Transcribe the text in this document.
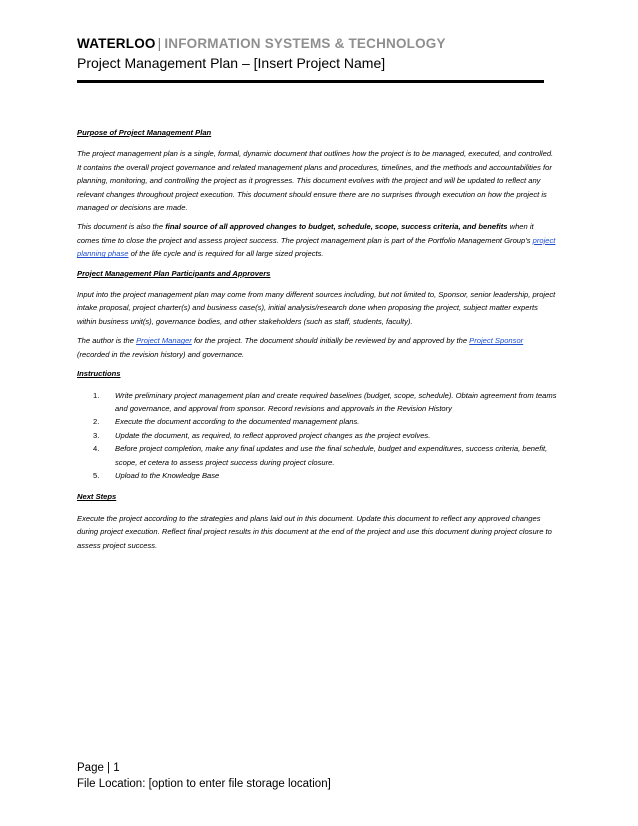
WATERLOO | INFORMATION SYSTEMS & TECHNOLOGY
Project Management Plan – [Insert Project Name]
Purpose of Project Management Plan

The project management plan is a single, formal, dynamic document that outlines how the project is to be managed, executed, and controlled. It contains the overall project governance and related management plans and procedures, timelines, and the methods and accountabilities for planning, monitoring, and controlling the project as it progresses. This document evolves with the project and will be updated to reflect any relevant changes throughout project execution. This document should ensure there are no surprises through execution on how the project is managed or decisions are made.

This document is also the final source of all approved changes to budget, schedule, scope, success criteria, and benefits when it comes time to close the project and assess project success. The project management plan is part of the Portfolio Management Group's project planning phase of the life cycle and is required for all large sized projects.

Project Management Plan Participants and Approvers

Input into the project management plan may come from many different sources including, but not limited to, Sponsor, senior leadership, project intake proposal, project charter(s) and business case(s), initial analysis/research done when proposing the project, subject matter experts within business unit(s), governance bodies, and other stakeholders (such as staff, students, faculty).

The author is the Project Manager for the project. The document should initially be reviewed by and approved by the Project Sponsor (recorded in the revision history) and governance.

Instructions
1. Write preliminary project management plan and create required baselines (budget, scope, schedule). Obtain agreement from teams and governance, and approval from sponsor. Record revisions and approvals in the Revision History
2. Execute the document according to the documented management plans.
3. Update the document, as required, to reflect approved project changes as the project evolves.
4. Before project completion, make any final updates and use the final schedule, budget and expenditures, success criteria, benefit, scope, et cetera to assess project success during project closure.
5. Upload to the Knowledge Base
Next Steps

Execute the project according to the strategies and plans laid out in this document. Update this document to reflect any approved changes during project execution. Reflect final project results in this document at the end of the project and use this document during project closure to assess project success.

Page | 1
File Location: [option to enter file storage location]
